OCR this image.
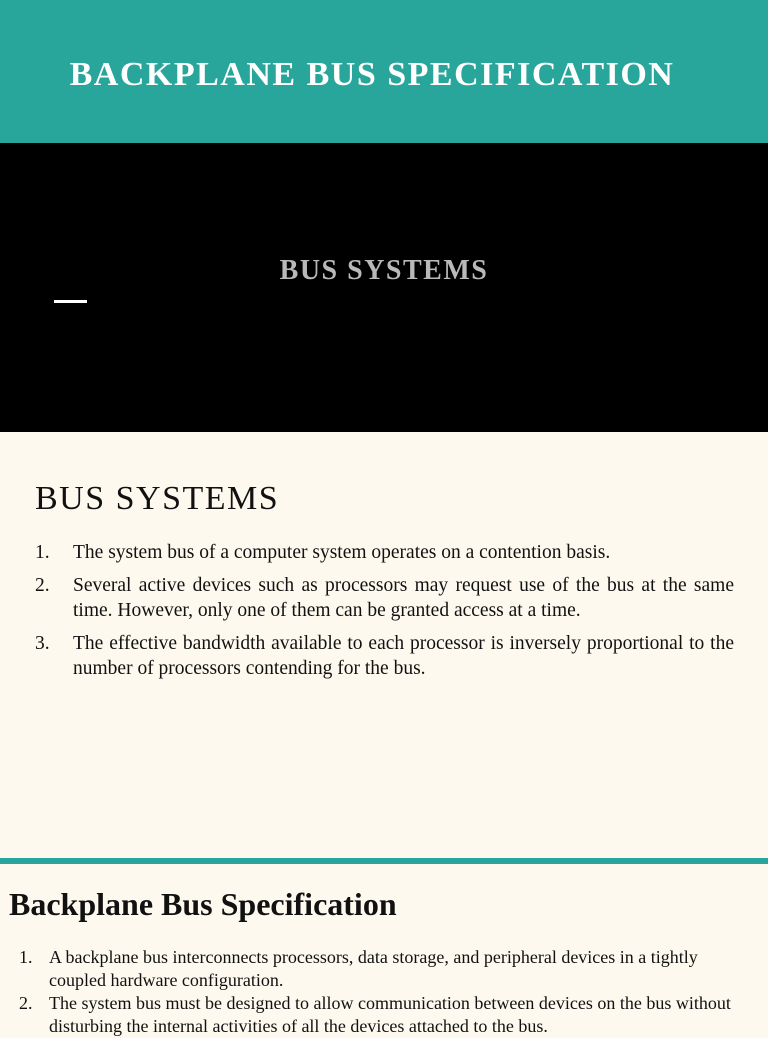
BACKPLANE BUS SPECIFICATION
BUS SYSTEMS
BUS SYSTEMS
1. The system bus of a computer system operates on a contention basis.
2. Several active devices such as processors may request use of the bus at the same time. However, only one of them can be granted access at a time.
3. The effective bandwidth available to each processor is inversely proportional to the number of processors contending for the bus.
Backplane Bus Specification
1. A backplane bus interconnects processors, data storage, and peripheral devices in a tightly coupled hardware configuration.
2. The system bus must be designed to allow communication between devices on the bus without disturbing the internal activities of all the devices attached to the bus.
